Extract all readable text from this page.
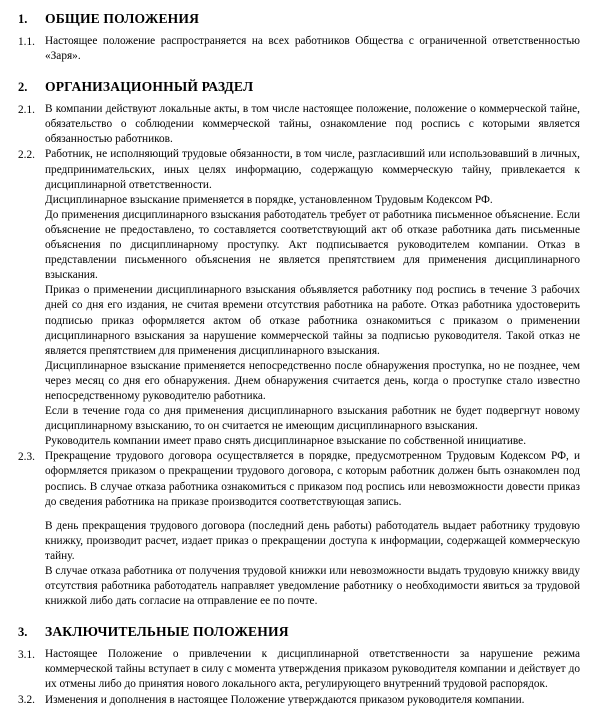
1.	ОБЩИЕ ПОЛОЖЕНИЯ
1.1. Настоящее положение распространяется на всех работников Общества с ограниченной ответственностью «Заря».
2.	ОРГАНИЗАЦИОННЫЙ РАЗДЕЛ
2.1. В компании действуют локальные акты, в том числе настоящее положение, положение о коммерческой тайне, обязательство о соблюдении коммерческой тайны, ознакомление под роспись с которыми является обязанностью работников.
2.2. Работник, не исполняющий трудовые обязанности, в том числе, разгласивший или использовавший в личных, предпринимательских, иных целях информацию, содержащую коммерческую тайну, привлекается к дисциплинарной ответственности.

Дисциплинарное взыскание применяется в порядке, установленном Трудовым Кодексом РФ.

До применения дисциплинарного взыскания работодатель требует от работника письменное объяснение. Если объяснение не предоставлено, то составляется соответствующий акт об отказе работника дать письменные объяснения по дисциплинарному проступку. Акт подписывается руководителем компании. Отказ в представлении письменного объяснения не является препятствием для применения дисциплинарного взыскания.

Приказ о применении дисциплинарного взыскания объявляется работнику под роспись в течение 3 рабочих дней со дня его издания, не считая времени отсутствия работника на работе. Отказ работника удостоверить подписью приказ оформляется актом об отказе работника ознакомиться с приказом о применении дисциплинарного взыскания за нарушение коммерческой тайны за подписью руководителя. Такой отказ не является препятствием для применения дисциплинарного взыскания.

Дисциплинарное взыскание применяется непосредственно после обнаружения проступка, но не позднее, чем через месяц со дня его обнаружения. Днем обнаружения считается день, когда о проступке стало известно непосредственному руководителю работника.

Если в течение года со дня применения дисциплинарного взыскания работник не будет подвергнут новому дисциплинарному взысканию, то он считается не имеющим дисциплинарного взыскания.

Руководитель компании имеет право снять дисциплинарное взыскание по собственной инициативе.

2.3. Прекращение трудового договора осуществляется в порядке, предусмотренном Трудовым Кодексом РФ, и оформляется приказом о прекращении трудового договора, с которым работник должен быть ознакомлен под роспись. В случае отказа работника ознакомиться с приказом под роспись или невозможности довести приказ до сведения работника на приказе производится соответствующая запись.

В день прекращения трудового договора (последний день работы) работодатель выдает работнику трудовую книжку, производит расчет, издает приказ о прекращении доступа к информации, содержащей коммерческую тайну.

В случае отказа работника от получения трудовой книжки или невозможности выдать трудовую книжку ввиду отсутствия работника работодатель направляет уведомление работнику о необходимости явиться за трудовой книжкой либо дать согласие на отправление ее по почте.

3.	ЗАКЛЮЧИТЕЛЬНЫЕ ПОЛОЖЕНИЯ
3.1. Настоящее Положение о привлечении к дисциплинарной ответственности за нарушение режима коммерческой тайны вступает в силу с момента утверждения приказом руководителя компании и действует до их отмены либо до принятия нового локального акта, регулирующего внутренний трудовой распорядок.
3.2. Изменения и дополнения в настоящее Положение утверждаются приказом руководителя компании.
